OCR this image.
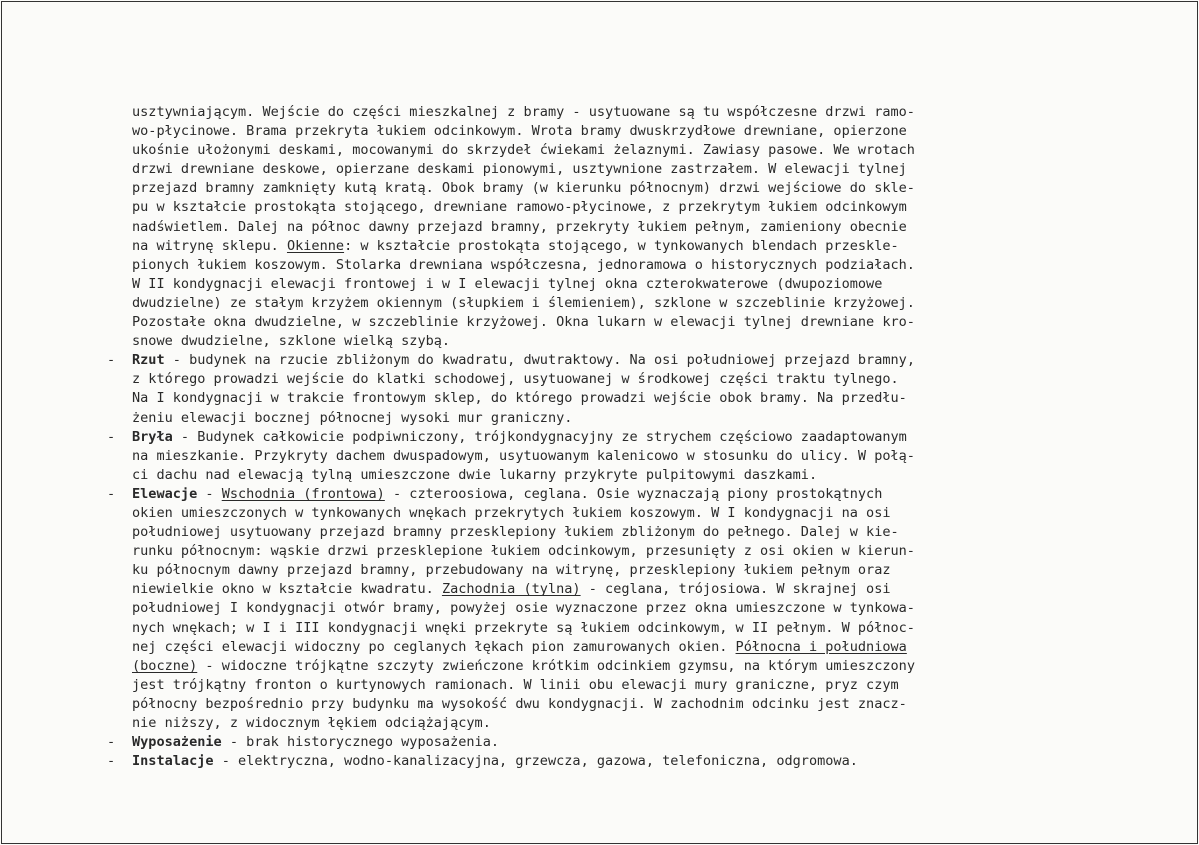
usztywniającym. Wejście do części mieszkalnej z bramy - usytuowane są tu współczesne drzwi ramo-
wo-płycinowe. Brama przekryta łukiem odcinkowym. Wrota bramy dwuskrzydłowe drewniane, opierzone
ukośnie ułożonymi deskami, mocowanymi do skrzydeł ćwiekami żelaznymi. Zawiasy pasowe. We wrotach
drzwi drewniane deskowe, opierzane deskami pionowymi, usztywnione zastrzałem. W elewacji tylnej
przejazd bramny zamknięty kutą kratą. Obok bramy (w kierunku północnym) drzwi wejściowe do skle-
pu w kształcie prostokąta stojącego, drewniane ramowo-płycinowe, z przekrytym łukiem odcinkowym
nadświetlem. Dalej na północ dawny przejazd bramny, przekryty łukiem pełnym, zamieniony obecnie
na witrynę sklepu. Okienne: w kształcie prostokąta stojącego, w tynkowanych blendach przeskle-
pionych łukiem koszowym. Stolarka drewniana współczesna, jednoramowa o historycznych podziałach.
W II kondygnacji elewacji frontowej i w I elewacji tylnej okna czterokwaterowe (dwupoziomowe
dwudzielne) ze stałym krzyżem okiennym (słupkiem i ślemieniem), szklone w szczeblinie krzyżowej.
Pozostałe okna dwudzielne, w szczeblinie krzyżowej. Okna lukarn w elewacji tylnej drewniane kro-
snowe dwudzielne, szklone wielką szybą.
- Rzut - budynek na rzucie zbliżonym do kwadratu, dwutraktowy. Na osi południowej przejazd bramny,
z którego prowadzi wejście do klatki schodowej, usytuowanej w środkowej części traktu tylnego.
Na I kondygnacji w trakcie frontowym sklep, do którego prowadzi wejście obok bramy. Na przedłu-
żeniu elewacji bocznej północnej wysoki mur graniczny.
- Bryła - Budynek całkowicie podpiwniczony, trójkondygnacyjny ze strychem częściowo zaadaptowanym
na mieszkanie. Przykryty dachem dwuspadowym, usytuowanym kalenicowo w stosunku do ulicy. W połą-
ci dachu nad elewacją tylną umieszczone dwie lukarny przykryte pulpitowymi daszkami.
- Elewacje - Wschodnia (frontowa) - czteroosiowa, ceglana. Osie wyznaczają piony prostokątnych
okien umieszczonych w tynkowanych wnękach przekrytych łukiem koszowym. W I kondygnacji na osi
południowej usytuowany przejazd bramny przesklepiony łukiem zbliżonym do pełnego. Dalej w kie-
runku północnym: wąskie drzwi przesklepione łukiem odcinkowym, przesunięty z osi okien w kierun-
ku północnym dawny przejazd bramny, przebudowany na witrynę, przesklepiony łukiem pełnym oraz
niewielkie okno w kształcie kwadratu. Zachodnia (tylna) - ceglana, trójosiowa. W skrajnej osi
południowej I kondygnacji otwór bramy, powyżej osie wyznaczone przez okna umieszczone w tynkowa-
nych wnękach; w I i III kondygnacji wnęki przekryte są łukiem odcinkowym, w II pełnym. W północ-
nej części elewacji widoczny po ceglanych łękach pion zamurowanych okien. Północna i południowa
(boczne) - widoczne trójkątne szczyty zwieńczone krótkim odcinkiem gzymsu, na którym umieszczony
jest trójkątny fronton o kurtynowych ramionach. W linii obu elewacji mury graniczne, pryz czym
północny bezpośrednio przy budynku ma wysokość dwu kondygnacji. W zachodnim odcinku jest znacz-
nie niższy, z widocznym łękiem odciążającym.
- Wyposażenie - brak historycznego wyposażenia.
- Instalacje - elektryczna, wodno-kanalizacyjna, grzewcza, gazowa, telefoniczna, odgromowa.
